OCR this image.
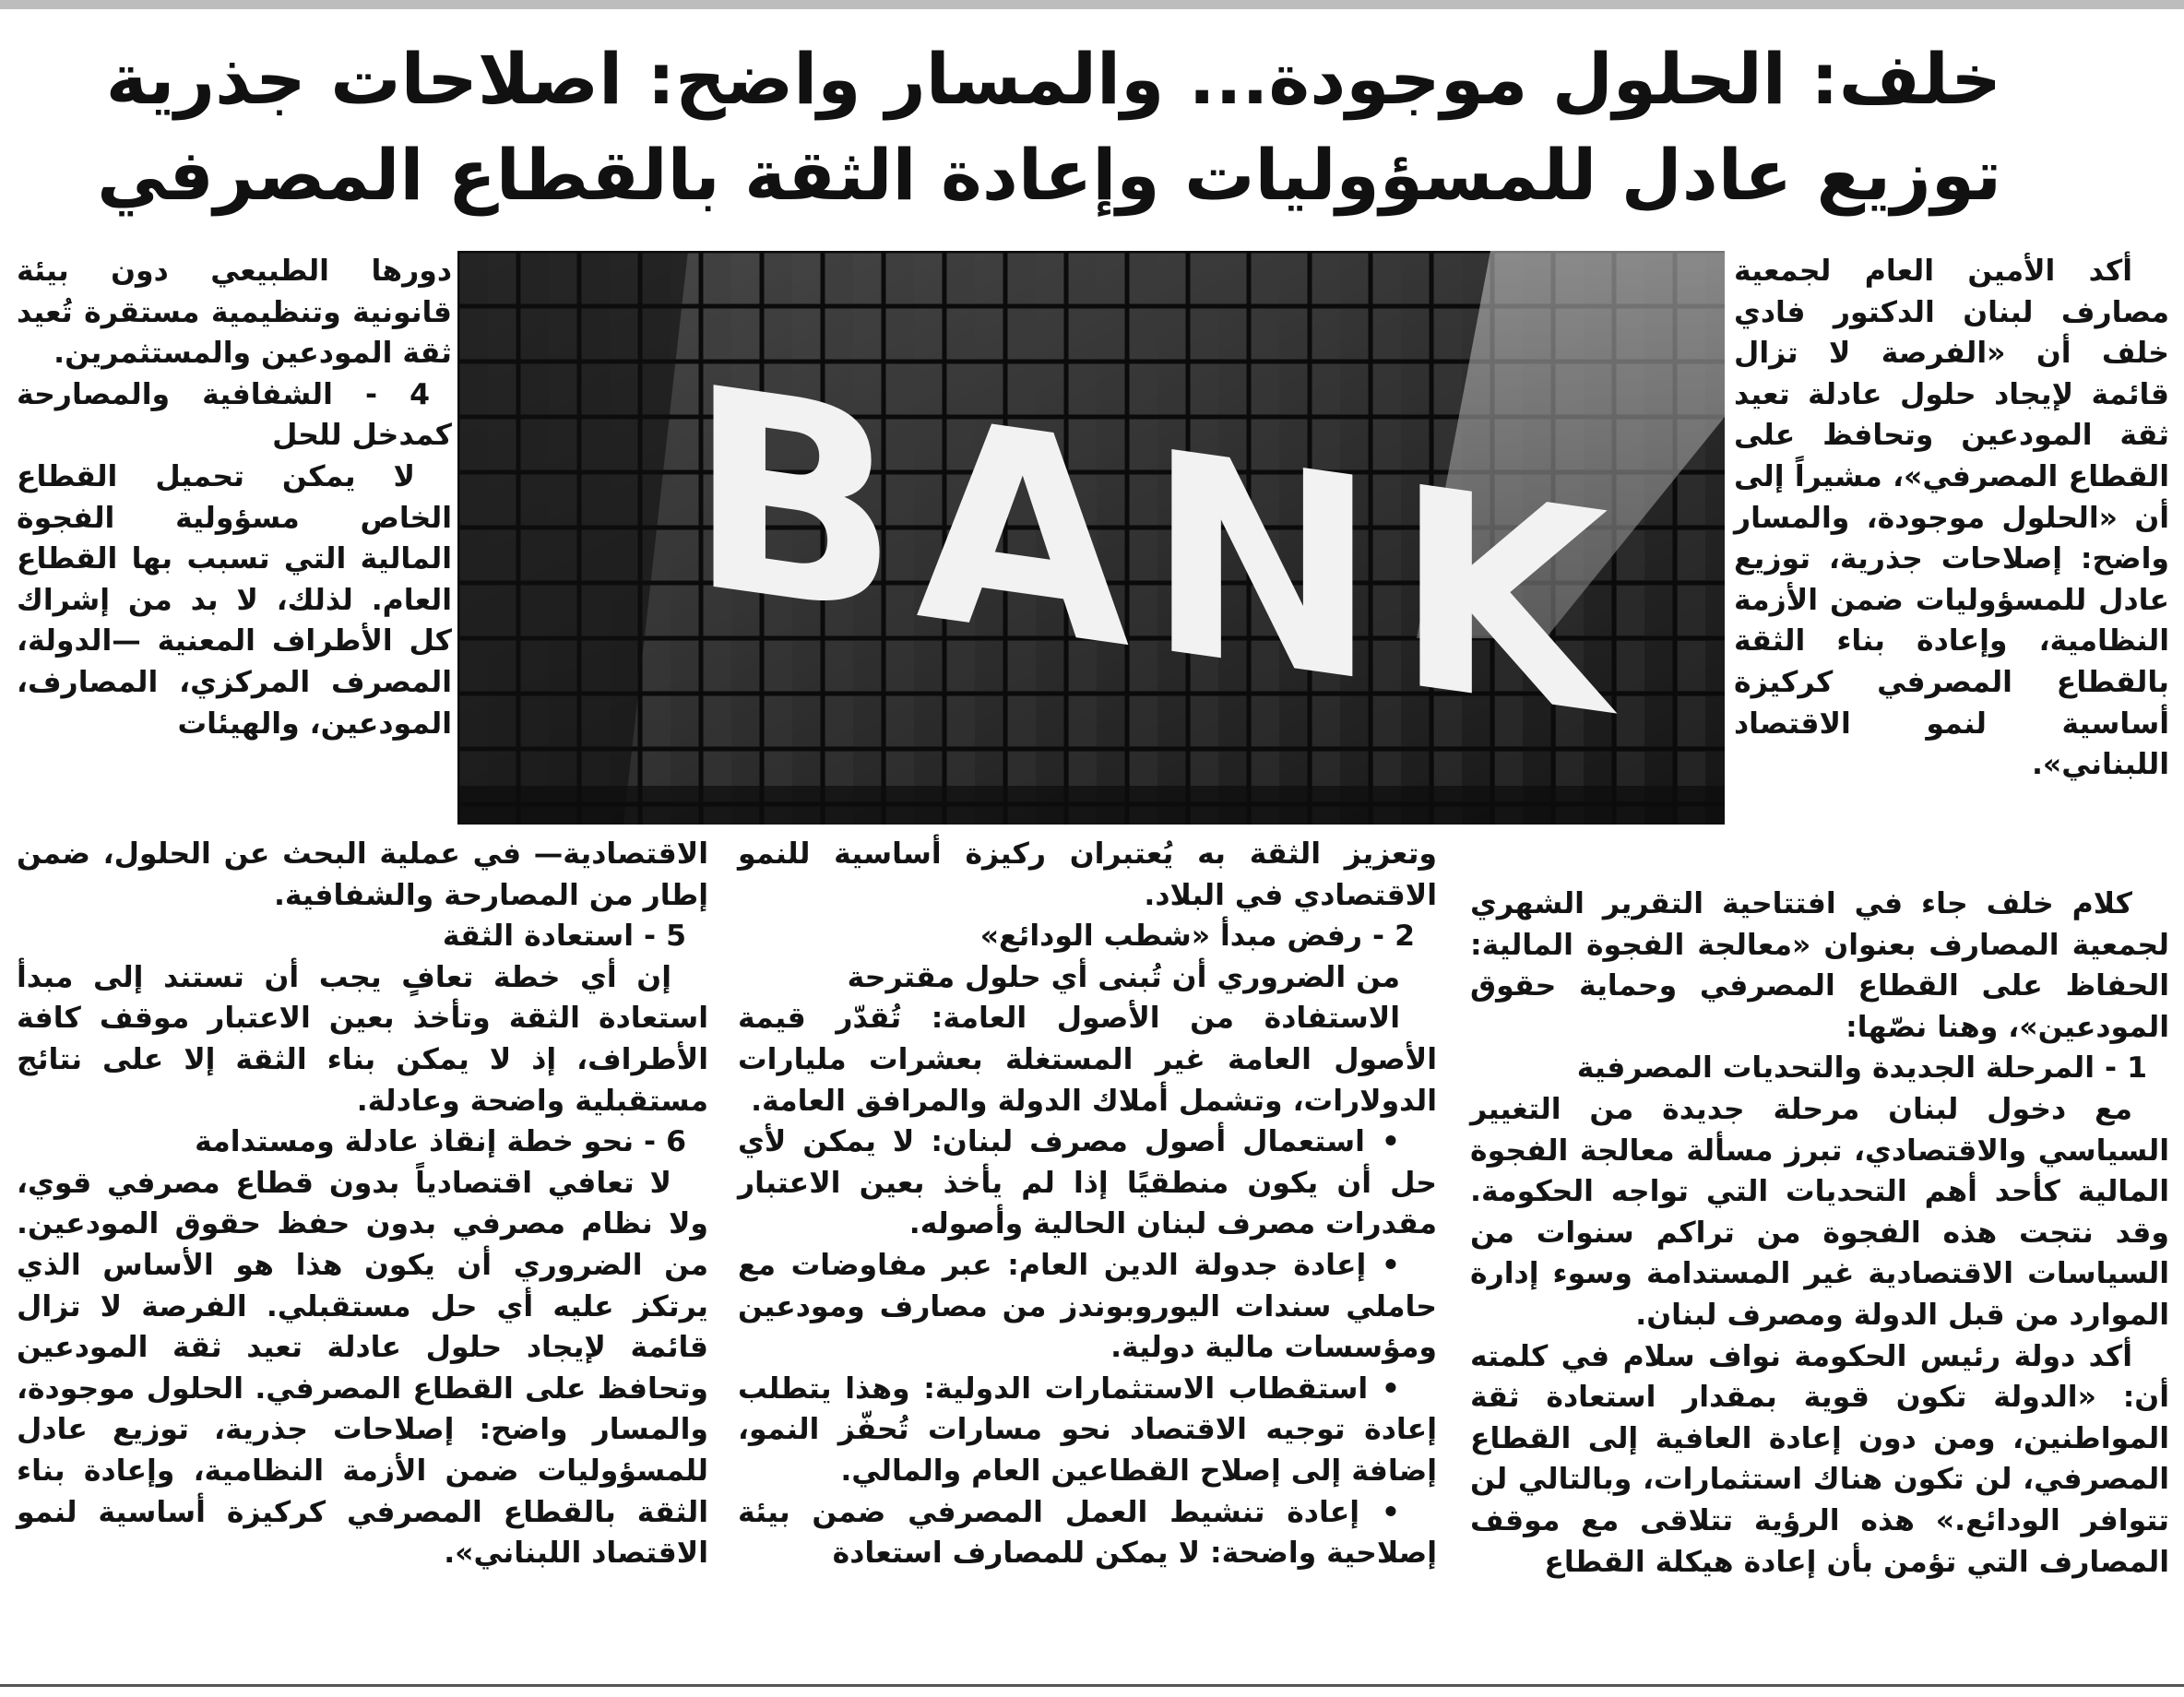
خلف: الحلول موجودة... والمسار واضح: اصلاحات جذرية
توزيع عادل للمسؤوليات وإعادة الثقة بالقطاع المصرفي

أكد الأمين العام لجمعية مصارف لبنان الدكتور فادي خلف أن «الفرصة لا تزال قائمة لإيجاد حلول عادلة تعيد ثقة المودعين وتحافظ على القطاع المصرفي»، مشيراً إلى أن «الحلول موجودة، والمسار واضح: إصلاحات جذرية، توزيع عادل للمسؤوليات ضمن الأزمة النظامية، وإعادة بناء الثقة بالقطاع المصرفي كركيزة أساسية لنمو الاقتصاد اللبناني».

BANK

دورها الطبيعي دون بيئة قانونية وتنظيمية مستقرة تُعيد ثقة المودعين والمستثمرين.

4 - الشفافية والمصارحة كمدخل للحل

لا يمكن تحميل القطاع الخاص مسؤولية الفجوة المالية التي تسبب بها القطاع العام. لذلك، لا بد من إشراك كل الأطراف المعنية —الدولة، المصرف المركزي، المصارف، المودعين، والهيئات

كلام خلف جاء في افتتاحية التقرير الشهري لجمعية المصارف بعنوان «معالجة الفجوة المالية: الحفاظ على القطاع المصرفي وحماية حقوق المودعين»، وهنا نصّها:

1 - المرحلة الجديدة والتحديات المصرفية

مع دخول لبنان مرحلة جديدة من التغيير السياسي والاقتصادي، تبرز مسألة معالجة الفجوة المالية كأحد أهم التحديات التي تواجه الحكومة. وقد نتجت هذه الفجوة من تراكم سنوات من السياسات الاقتصادية غير المستدامة وسوء إدارة الموارد من قبل الدولة ومصرف لبنان.

أكد دولة رئيس الحكومة نواف سلام في كلمته أن: «الدولة تكون قوية بمقدار استعادة ثقة المواطنين، ومن دون إعادة العافية إلى القطاع المصرفي، لن تكون هناك استثمارات، وبالتالي لن تتوافر الودائع.» هذه الرؤية تتلاقى مع موقف المصارف التي تؤمن بأن إعادة هيكلة القطاع

وتعزيز الثقة به يُعتبران ركيزة أساسية للنمو الاقتصادي في البلاد.

2 - رفض مبدأ «شطب الودائع»

من الضروري أن تُبنى أي حلول مقترحة

الاستفادة من الأصول العامة: تُقدّر قيمة الأصول العامة غير المستغلة بعشرات مليارات الدولارات، وتشمل أملاك الدولة والمرافق العامة.

• استعمال أصول مصرف لبنان: لا يمكن لأي حل أن يكون منطقيًا إذا لم يأخذ بعين الاعتبار مقدرات مصرف لبنان الحالية وأصوله.

• إعادة جدولة الدين العام: عبر مفاوضات مع حاملي سندات اليوروبوندز من مصارف ومودعين ومؤسسات مالية دولية.

• استقطاب الاستثمارات الدولية: وهذا يتطلب إعادة توجيه الاقتصاد نحو مسارات تُحفّز النمو، إضافة إلى إصلاح القطاعين العام والمالي.

• إعادة تنشيط العمل المصرفي ضمن بيئة إصلاحية واضحة: لا يمكن للمصارف استعادة

الاقتصادية— في عملية البحث عن الحلول، ضمن إطار من المصارحة والشفافية.

5 - استعادة الثقة

إن أي خطة تعافٍ يجب أن تستند إلى مبدأ استعادة الثقة وتأخذ بعين الاعتبار موقف كافة الأطراف، إذ لا يمكن بناء الثقة إلا على نتائج مستقبلية واضحة وعادلة.

6 - نحو خطة إنقاذ عادلة ومستدامة

لا تعافي اقتصادياً بدون قطاع مصرفي قوي، ولا نظام مصرفي بدون حفظ حقوق المودعين. من الضروري أن يكون هذا هو الأساس الذي يرتكز عليه أي حل مستقبلي. الفرصة لا تزال قائمة لإيجاد حلول عادلة تعيد ثقة المودعين وتحافظ على القطاع المصرفي. الحلول موجودة، والمسار واضح: إصلاحات جذرية، توزيع عادل للمسؤوليات ضمن الأزمة النظامية، وإعادة بناء الثقة بالقطاع المصرفي كركيزة أساسية لنمو الاقتصاد اللبناني».
